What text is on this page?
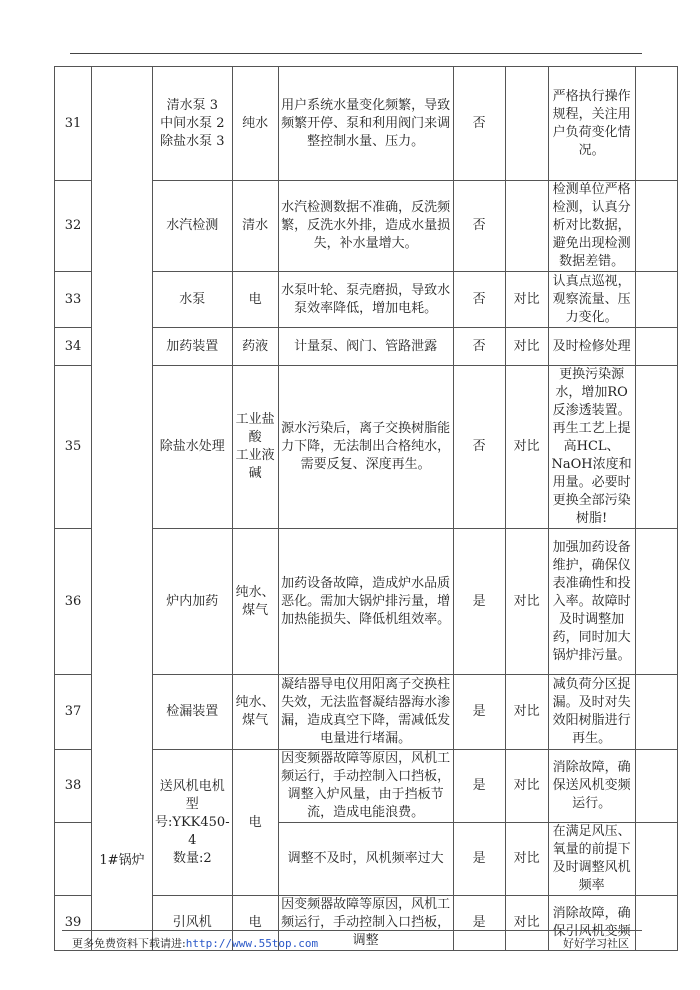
31	1#锅炉	清水泵 3
中间水泵 2
除盐水泵 3	纯水	用户系统水量变化频繁，导致频繁开停、泵和利用阀门来调整控制水量、压力。	否		严格执行操作规程，关注用户负荷变化情况。	
32		水汽检测	清水	水汽检测数据不准确，反洗频繁，反洗水外排，造成水量损失，补水量增大。	否		检测单位严格检测，认真分析对比数据，避免出现检测数据差错。	
33		水泵	电	水泵叶轮、泵壳磨损，导致水泵效率降低，增加电耗。	否	对比	认真点巡视，观察流量、压力变化。	
34		加药装置	药液	计量泵、阀门、管路泄露	否	对比	及时检修处理	
35		除盐水处理	工业盐酸
工业液碱	源水污染后，离子交换树脂能力下降，无法制出合格纯水，需要反复、深度再生。	否	对比	更换污染源水，增加RO反渗透装置。再生工艺上提高HCL、NaOH浓度和用量。必要时更换全部污染树脂!	
36		炉内加药	纯水、煤气	加药设备故障，造成炉水品质恶化。需加大锅炉排污量，增加热能损失、降低机组效率。	是	对比	加强加药设备维护，确保仪表准确性和投入率。故障时及时调整加药，同时加大锅炉排污量。	
37		检漏装置	纯水、煤气	凝结器导电仪用阳离子交换柱失效，无法监督凝结器海水渗漏，造成真空下降，需减低发电量进行堵漏。	是	对比	减负荷分区捉漏。及时对失效阳树脂进行再生。	
38		送风机电机型号:YKK450-4
数量:2	电	因变频器故障等原因，风机工频运行，手动控制入口挡板，调整入炉风量，由于挡板节流，造成电能浪费。	是	对比	消除故障，确保送风机变频运行。	
				调整不及时，风机频率过大	是	对比	在满足风压、氧量的前提下及时调整风机频率	
39		引风机	电	因变频器故障等原因，风机工频运行，手动控制入口挡板，调整	是	对比	消除故障，确保引风机变频	
更多免费资料下载请进:http://www.55top.com	好好学习社区
